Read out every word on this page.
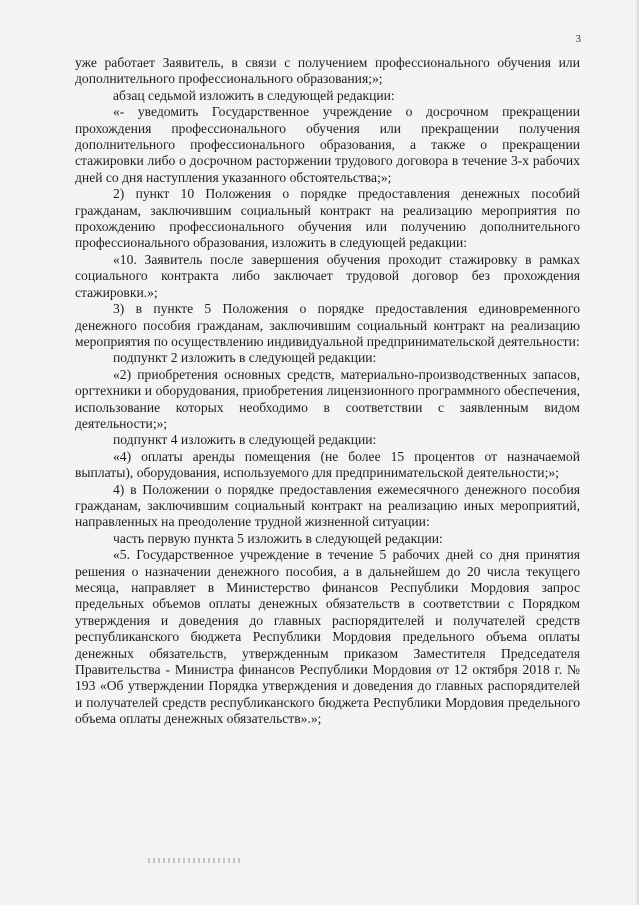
3

уже работает Заявитель, в связи с получением профессионального обучения или дополнительного профессионального образования;»;

абзац седьмой изложить в следующей редакции:

«- уведомить Государственное учреждение о досрочном прекращении прохождения профессионального обучения или прекращении получения дополнительного профессионального образования, а также о прекращении стажировки либо о досрочном расторжении трудового договора в течение 3-х рабочих дней со дня наступления указанного обстоятельства;»;

2) пункт 10 Положения о порядке предоставления денежных пособий гражданам, заключившим социальный контракт на реализацию мероприятия по прохождению профессионального обучения или получению дополнительного профессионального образования, изложить в следующей редакции:

«10. Заявитель после завершения обучения проходит стажировку в рамках социального контракта либо заключает трудовой договор без прохождения стажировки.»;

3) в пункте 5 Положения о порядке предоставления единовременного денежного пособия гражданам, заключившим социальный контракт на реализацию мероприятия по осуществлению индивидуальной предпринимательской деятельности:

подпункт 2 изложить в следующей редакции:

«2) приобретения основных средств, материально-производственных запасов, оргтехники и оборудования, приобретения лицензионного программного обеспечения, использование которых необходимо в соответствии с заявленным видом деятельности;»;

подпункт 4 изложить в следующей редакции:

«4) оплаты аренды помещения (не более 15 процентов от назначаемой выплаты), оборудования, используемого для предпринимательской деятельности;»;

4) в Положении о порядке предоставления ежемесячного денежного пособия гражданам, заключившим социальный контракт на реализацию иных мероприятий, направленных на преодоление трудной жизненной ситуации:

часть первую пункта 5 изложить в следующей редакции:

«5. Государственное учреждение в течение 5 рабочих дней со дня принятия решения о назначении денежного пособия, а в дальнейшем до 20 числа текущего месяца, направляет в Министерство финансов Республики Мордовия запрос предельных объемов оплаты денежных обязательств в соответствии с Порядком утверждения и доведения до главных распорядителей и получателей средств республиканского бюджета Республики Мордовия предельного объема оплаты денежных обязательств, утвержденным приказом Заместителя Председателя Правительства - Министра финансов Республики Мордовия от 12 октября 2018 г. № 193 «Об утверждении Порядка утверждения и доведения до главных распорядителей и получателей средств республиканского бюджета Республики Мордовия предельного объема оплаты денежных обязательств».»;
